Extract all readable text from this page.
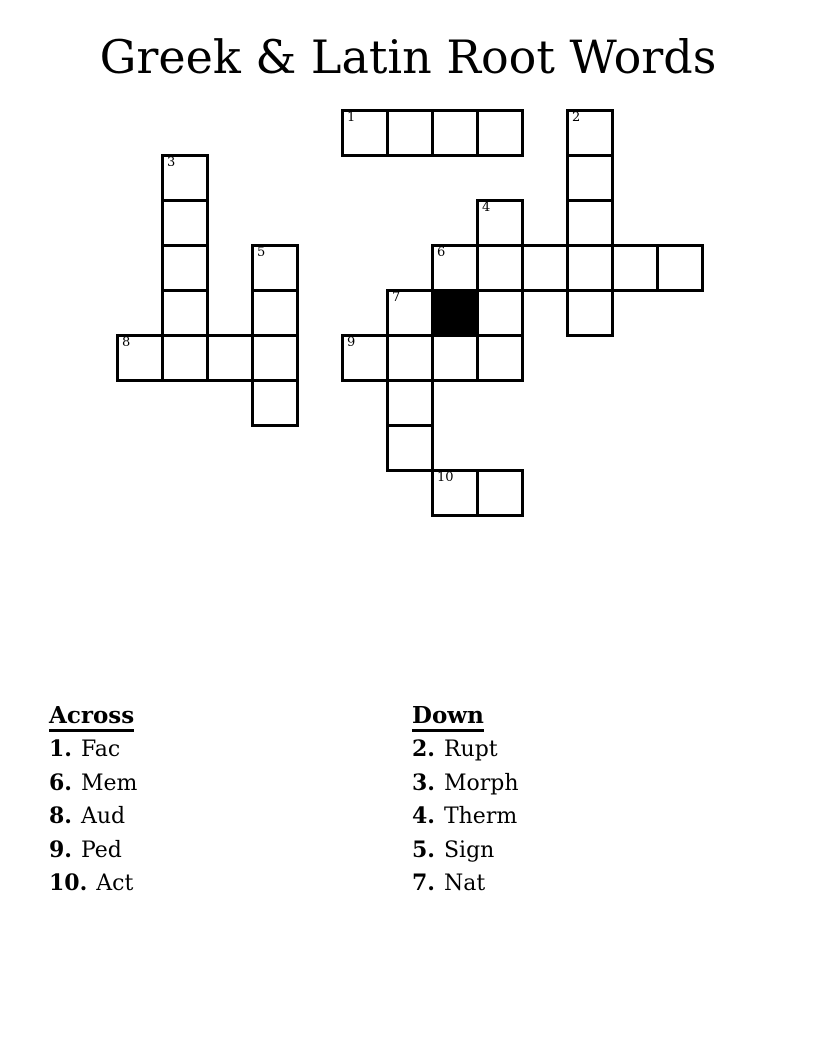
Greek & Latin Root Words
1	2
3
4
5	6
7
8	9
10
Across
1. Fac
6. Mem
8. Aud
9. Ped
10. Act
Down
2. Rupt
3. Morph
4. Therm
5. Sign
7. Nat
